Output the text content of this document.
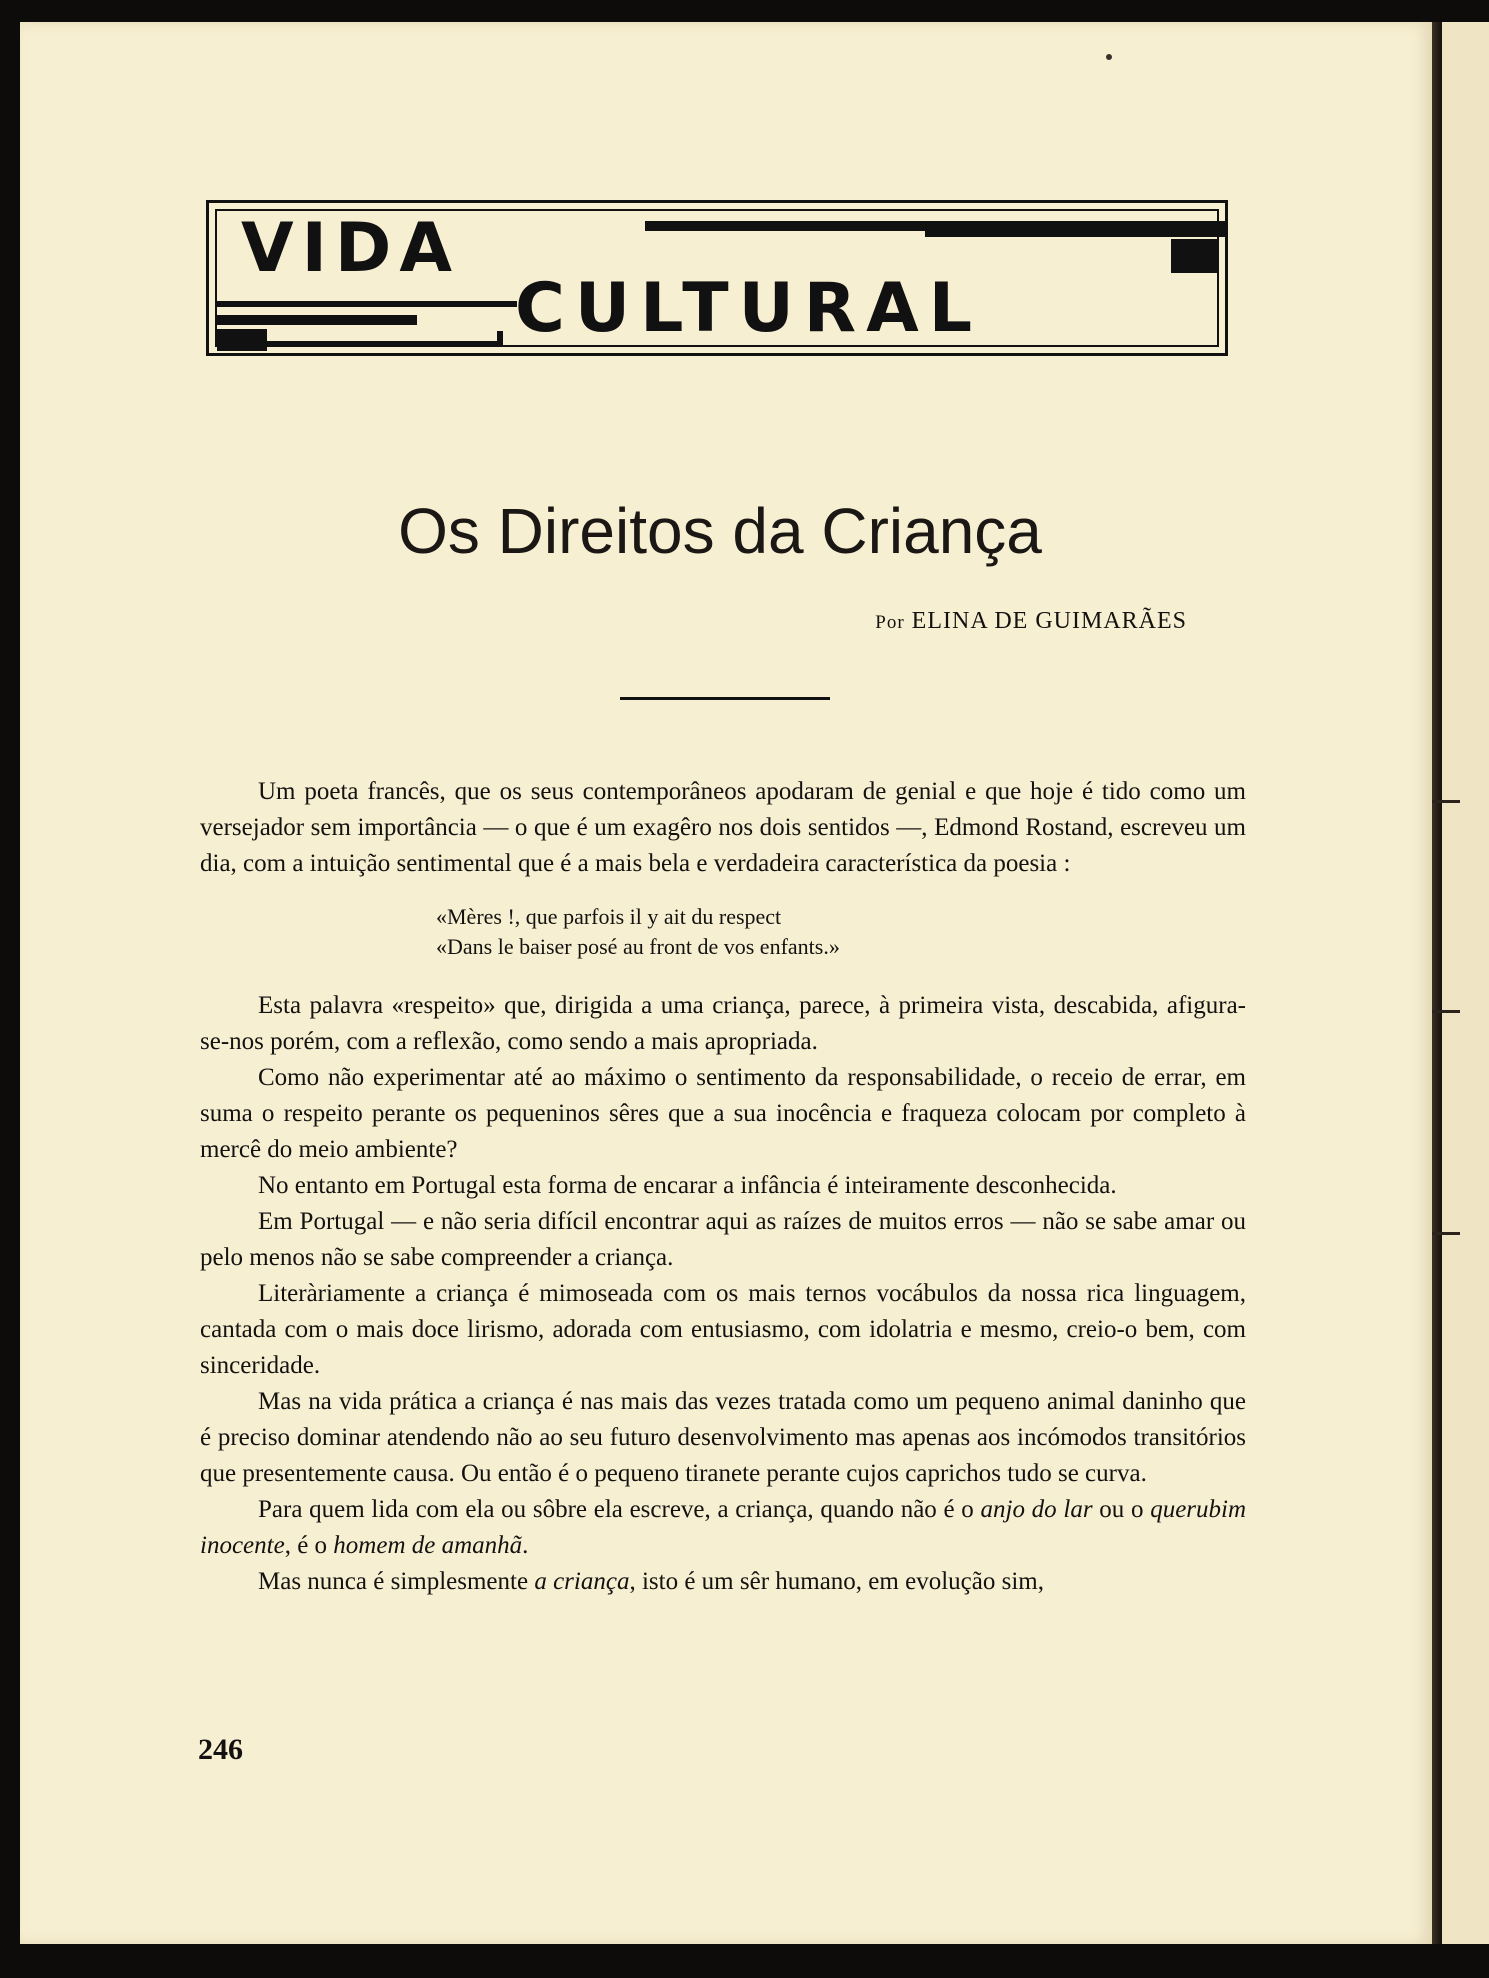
VIDA
CULTURAL
Os Direitos da Criança
Por ELINA DE GUIMARÃES

Um poeta francês, que os seus contemporâneos apodaram de genial e que hoje é tido como um versejador sem importância — o que é um exagêro nos dois sentidos —, Edmond Rostand, escreveu um dia, com a intuição sentimental que é a mais bela e verdadeira característica da poesia :

«Mères !, que parfois il y ait du respect
«Dans le baiser posé au front de vos enfants.»

Esta palavra «respeito» que, dirigida a uma criança, parece, à primeira vista, descabida, afigura-se-nos porém, com a reflexão, como sendo a mais apropriada.

Como não experimentar até ao máximo o sentimento da responsabilidade, o receio de errar, em suma o respeito perante os pequeninos sêres que a sua inocência e fraqueza colocam por completo à mercê do meio ambiente?

No entanto em Portugal esta forma de encarar a infância é inteiramente desconhecida.

Em Portugal — e não seria difícil encontrar aqui as raízes de muitos erros — não se sabe amar ou pelo menos não se sabe compreender a criança.

Literàriamente a criança é mimoseada com os mais ternos vocábulos da nossa rica linguagem, cantada com o mais doce lirismo, adorada com entusiasmo, com idolatria e mesmo, creio-o bem, com sinceridade.

Mas na vida prática a criança é nas mais das vezes tratada como um pequeno animal daninho que é preciso dominar atendendo não ao seu futuro desenvolvimento mas apenas aos incómodos transitórios que presentemente causa. Ou então é o pequeno tiranete perante cujos caprichos tudo se curva.

Para quem lida com ela ou sôbre ela escreve, a criança, quando não é o anjo do lar ou o querubim inocente, é o homem de amanhã.

Mas nunca é simplesmente a criança, isto é um sêr humano, em evolução sim,

246
